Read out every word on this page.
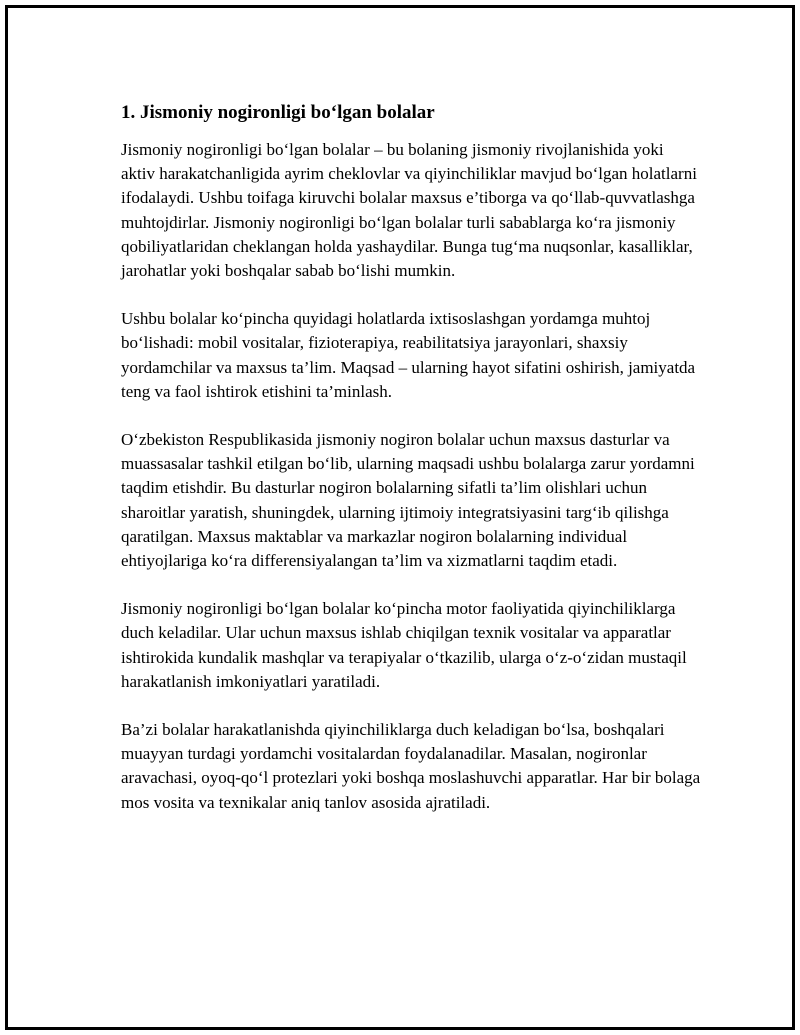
1. Jismoniy nogironligi bo‘lgan bolalar

Jismoniy nogironligi bo‘lgan bolalar – bu bolaning jismoniy rivojlanishida yoki aktiv harakatchanligida ayrim cheklovlar va qiyinchiliklar mavjud bo‘lgan holatlarni ifodalaydi. Ushbu toifaga kiruvchi bolalar maxsus e’tiborga va qo‘llab-quvvatlashga muhtojdirlar. Jismoniy nogironligi bo‘lgan bolalar turli sabablarga ko‘ra jismoniy qobiliyatlaridan cheklangan holda yashaydilar. Bunga tug‘ma nuqsonlar, kasalliklar, jarohatlar yoki boshqalar sabab bo‘lishi mumkin.

Ushbu bolalar ko‘pincha quyidagi holatlarda ixtisoslashgan yordamga muhtoj bo‘lishadi: mobil vositalar, fizioterapiya, reabilitatsiya jarayonlari, shaxsiy yordamchilar va maxsus ta’lim. Maqsad – ularning hayot sifatini oshirish, jamiyatda teng va faol ishtirok etishini ta’minlash.

O‘zbekiston Respublikasida jismoniy nogiron bolalar uchun maxsus dasturlar va muassasalar tashkil etilgan bo‘lib, ularning maqsadi ushbu bolalarga zarur yordamni taqdim etishdir. Bu dasturlar nogiron bolalarning sifatli ta’lim olishlari uchun sharoitlar yaratish, shuningdek, ularning ijtimoiy integratsiyasini targ‘ib qilishga qaratilgan. Maxsus maktablar va markazlar nogiron bolalarning individual ehtiyojlariga ko‘ra differensiyalangan ta’lim va xizmatlarni taqdim etadi.

Jismoniy nogironligi bo‘lgan bolalar ko‘pincha motor faoliyatida qiyinchiliklarga duch keladilar. Ular uchun maxsus ishlab chiqilgan texnik vositalar va apparatlar ishtirokida kundalik mashqlar va terapiyalar o‘tkazilib, ularga o‘z-o‘zidan mustaqil harakatlanish imkoniyatlari yaratiladi.

Ba’zi bolalar harakatlanishda qiyinchiliklarga duch keladigan bo‘lsa, boshqalari muayyan turdagi yordamchi vositalardan foydalanadilar. Masalan, nogironlar aravachasi, oyoq-qo‘l protezlari yoki boshqa moslashuvchi apparatlar. Har bir bolaga mos vosita va texnikalar aniq tanlov asosida ajratiladi.
